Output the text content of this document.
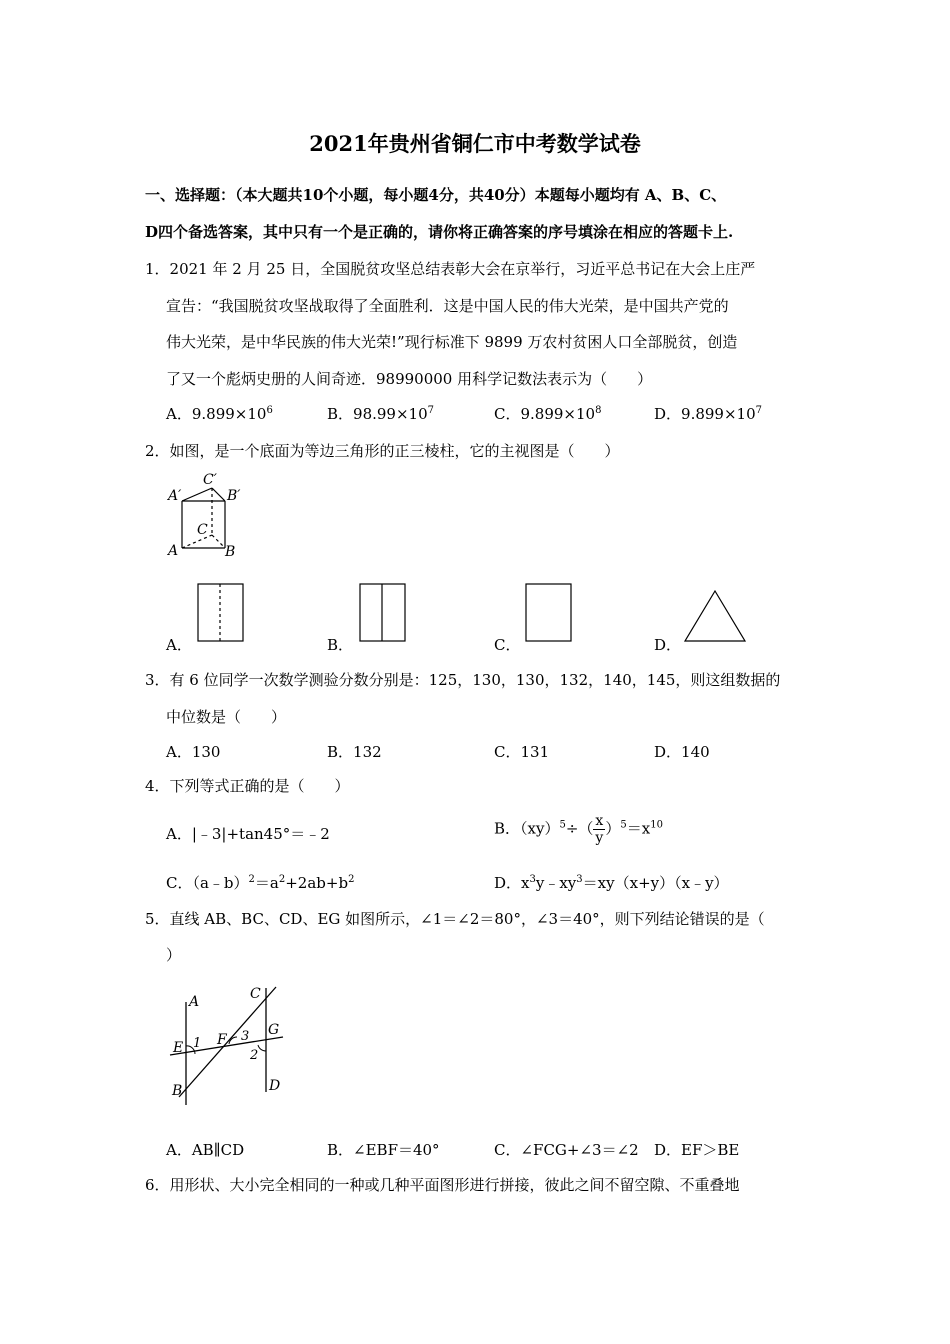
2021年贵州省铜仁市中考数学试卷
一、选择题：（本大题共10个小题，每小题4分，共40分）本题每小题均有 A、B、C、
D四个备选答案，其中只有一个是正确的，请你将正确答案的序号填涂在相应的答题卡上.
1．2021 年 2 月 25 日，全国脱贫攻坚总结表彰大会在京举行，习近平总书记在大会上庄严
宣告：“我国脱贫攻坚战取得了全面胜利．这是中国人民的伟大光荣，是中国共产党的
伟大光荣，是中华民族的伟大光荣!”现行标准下 9899 万农村贫困人口全部脱贫，创造
了又一个彪炳史册的人间奇迹．98990000 用科学记数法表示为（　　）
A．$9.899\times 10^6$	B．$98.99\times 10^7$	C．$9.899\times 10^8$	D．$9.899\times 10^7$
2．如图，是一个底面为等边三角形的正三棱柱，它的主视图是（　　）
A′
C′
B′
C
A	B
A．	B．	C．	D．
3．有 6 位同学一次数学测验分数分别是：125，130，130，132，140，145，则这组数据的
中位数是（　　）
A．130	B．132	C．131	D．140
4．下列等式正确的是（　　）
A．|﹣3|+tan45°＝﹣2	B．$(xy)^5\div( \frac{x}{y} )^5=x^{10}$
C．$(a﹣b)^2=a^2+2ab+b^2$	D．$x^3y﹣xy^3=xy(x+y)(x﹣y)$
5．直线 AB、BC、CD、EG 如图所示，∠1＝∠2＝80°，∠3＝40°，则下列结论错误的是（
）
A	C
G
E 1 F 3
2
B	D
A．AB∥CD	B．∠EBF＝40°	C．∠FCG+∠3＝∠2 D．EF＞BE
6．用形状、大小完全相同的一种或几种平面图形进行拼接，彼此之间不留空隙、不重叠地
